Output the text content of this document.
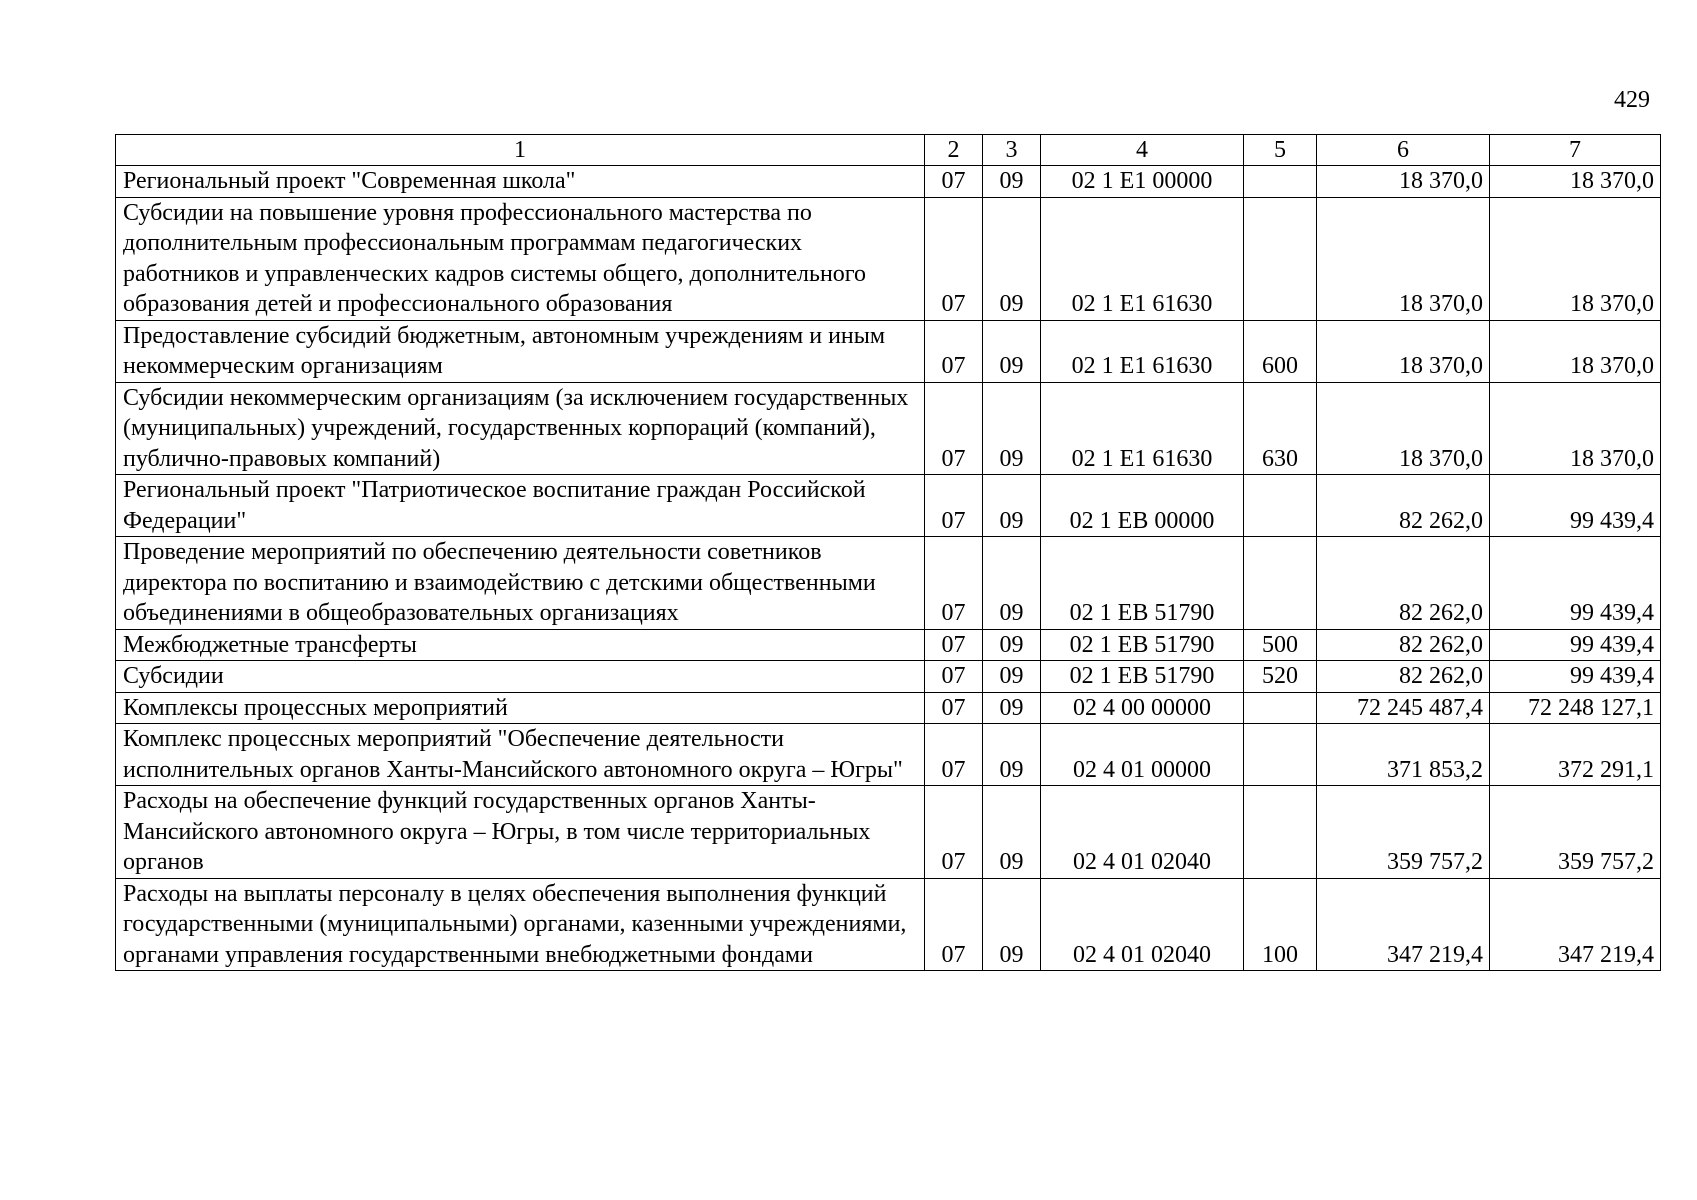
429
1	2	3	4	5	6	7
Региональный проект "Современная школа"	07	09	02 1 E1 00000		18 370,0	18 370,0
Субсидии на повышение уровня профессионального мастерства по дополнительным профессиональным программам педагогических работников и управленческих кадров системы общего, дополнительного образования детей и профессионального образования	07	09	02 1 E1 61630		18 370,0	18 370,0
Предоставление субсидий бюджетным, автономным учреждениям и иным некоммерческим организациям	07	09	02 1 E1 61630	600	18 370,0	18 370,0
Субсидии некоммерческим организациям (за исключением государственных (муниципальных) учреждений, государственных корпораций (компаний), публично-правовых компаний)	07	09	02 1 E1 61630	630	18 370,0	18 370,0
Региональный проект "Патриотическое воспитание граждан Российской Федерации"	07	09	02 1 EВ 00000		82 262,0	99 439,4
Проведение мероприятий по обеспечению деятельности советников директора по воспитанию и взаимодействию с детскими общественными объединениями в общеобразовательных организациях	07	09	02 1 EВ 51790		82 262,0	99 439,4
Межбюджетные трансферты	07	09	02 1 EВ 51790	500	82 262,0	99 439,4
Субсидии	07	09	02 1 EВ 51790	520	82 262,0	99 439,4
Комплексы процессных мероприятий	07	09	02 4 00 00000		72 245 487,4	72 248 127,1
Комплекс процессных мероприятий "Обеспечение деятельности исполнительных органов Ханты-Мансийского автономного округа – Югры"	07	09	02 4 01 00000		371 853,2	372 291,1
Расходы на обеспечение функций государственных органов Ханты-Мансийского автономного округа – Югры, в том числе территориальных органов	07	09	02 4 01 02040		359 757,2	359 757,2
Расходы на выплаты персоналу в целях обеспечения выполнения функций государственными (муниципальными) органами, казенными учреждениями, органами управления государственными внебюджетными фондами	07	09	02 4 01 02040	100	347 219,4	347 219,4
